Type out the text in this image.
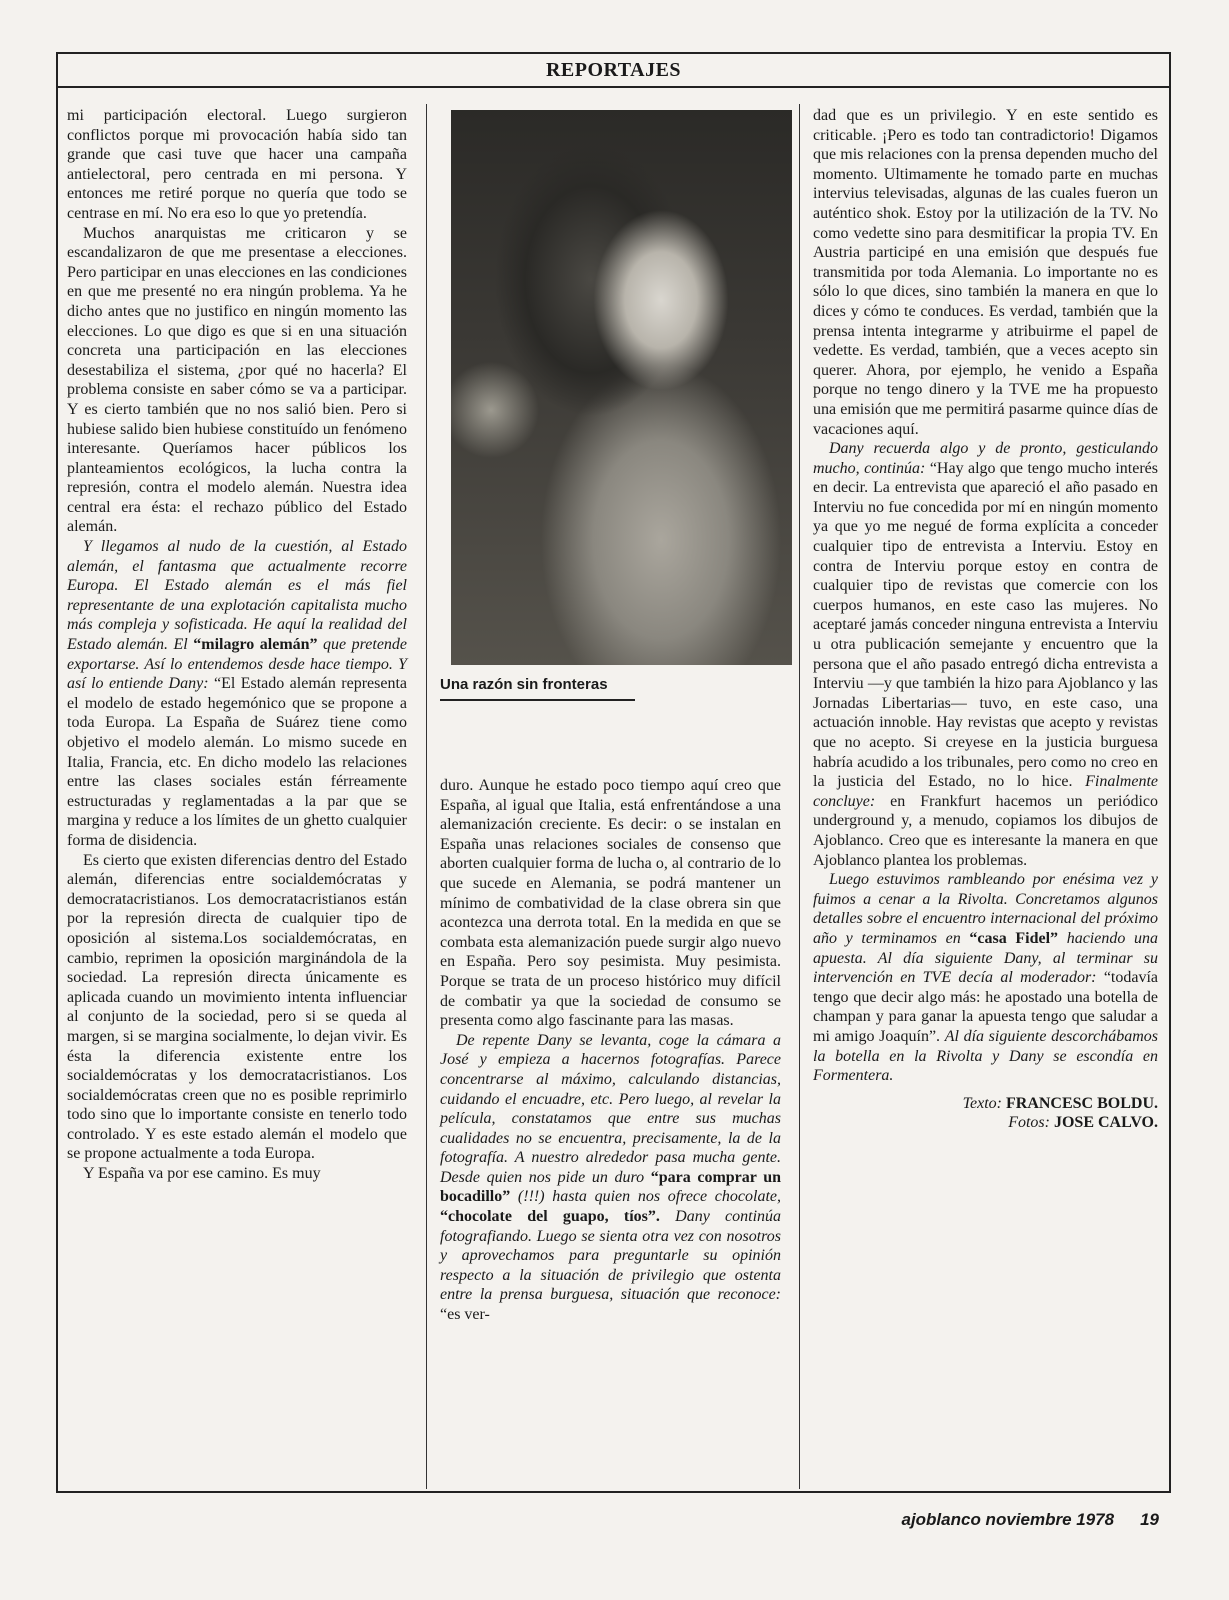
REPORTAJES

mi participación electoral. Luego surgieron conflictos porque mi provocación había sido tan grande que casi tuve que hacer una campaña antielectoral, pero centrada en mi persona. Y entonces me retiré porque no quería que todo se centrase en mí. No era eso lo que yo pretendía.

Muchos anarquistas me criticaron y se escandalizaron de que me presentase a elecciones. Pero participar en unas elecciones en las condiciones en que me presenté no era ningún problema. Ya he dicho antes que no justifico en ningún momento las elecciones. Lo que digo es que si en una situación concreta una participación en las elecciones desestabiliza el sistema, ¿por qué no hacerla? El problema consiste en saber cómo se va a participar. Y es cierto también que no nos salió bien. Pero si hubiese salido bien hubiese constituído un fenómeno interesante. Queríamos hacer públicos los planteamientos ecológicos, la lucha contra la represión, contra el modelo alemán. Nuestra idea central era ésta: el rechazo público del Estado alemán.

Y llegamos al nudo de la cuestión, al Estado alemán, el fantasma que actualmente recorre Europa. El Estado alemán es el más fiel representante de una explotación capitalista mucho más compleja y sofisticada. He aquí la realidad del Estado alemán. El “milagro alemán” que pretende exportarse. Así lo entendemos desde hace tiempo. Y así lo entiende Dany: “El Estado alemán representa el modelo de estado hegemónico que se propone a toda Europa. La España de Suárez tiene como objetivo el modelo alemán. Lo mismo sucede en Italia, Francia, etc. En dicho modelo las relaciones entre las clases sociales están férreamente estructuradas y reglamentadas a la par que se margina y reduce a los límites de un ghetto cualquier forma de disidencia.

Es cierto que existen diferencias dentro del Estado alemán, diferencias entre socialdemócratas y democratacristianos. Los democratacristianos están por la represión directa de cualquier tipo de oposición al sistema.Los socialdemócratas, en cambio, reprimen la oposición marginándola de la sociedad. La represión directa únicamente es aplicada cuando un movimiento intenta influenciar al conjunto de la sociedad, pero si se queda al margen, si se margina socialmente, lo dejan vivir. Es ésta la diferencia existente entre los socialdemócratas y los democratacristianos. Los socialdemócratas creen que no es posible reprimirlo todo sino que lo importante consiste en tenerlo todo controlado. Y es este estado alemán el modelo que se propone actualmente a toda Europa.

Y España va por ese camino. Es muy

Una razón sin fronteras

duro. Aunque he estado poco tiempo aquí creo que España, al igual que Italia, está enfrentándose a una alemanización creciente. Es decir: o se instalan en España unas relaciones sociales de consenso que aborten cualquier forma de lucha o, al contrario de lo que sucede en Alemania, se podrá mantener un mínimo de combatividad de la clase obrera sin que acontezca una derrota total. En la medida en que se combata esta alemanización puede surgir algo nuevo en España. Pero soy pesimista. Muy pesimista. Porque se trata de un proceso histórico muy difícil de combatir ya que la sociedad de consumo se presenta como algo fascinante para las masas.

De repente Dany se levanta, coge la cámara a José y empieza a hacernos fotografías. Parece concentrarse al máximo, calculando distancias, cuidando el encuadre, etc. Pero luego, al revelar la película, constatamos que entre sus muchas cualidades no se encuentra, precisamente, la de la fotografía. A nuestro alrededor pasa mucha gente. Desde quien nos pide un duro “para comprar un bocadillo” (!!!) hasta quien nos ofrece chocolate, “chocolate del guapo, tíos”. Dany continúa fotografiando. Luego se sienta otra vez con nosotros y aprovechamos para preguntarle su opinión respecto a la situación de privilegio que ostenta entre la prensa burguesa, situación que reconoce: “es ver-

dad que es un privilegio. Y en este sentido es criticable. ¡Pero es todo tan contradictorio! Digamos que mis relaciones con la prensa dependen mucho del momento. Ultimamente he tomado parte en muchas intervius televisadas, algunas de las cuales fueron un auténtico shok. Estoy por la utilización de la TV. No como vedette sino para desmitificar la propia TV. En Austria participé en una emisión que después fue transmitida por toda Alemania. Lo importante no es sólo lo que dices, sino también la manera en que lo dices y cómo te conduces. Es verdad, también que la prensa intenta integrarme y atribuirme el papel de vedette. Es verdad, también, que a veces acepto sin querer. Ahora, por ejemplo, he venido a España porque no tengo dinero y la TVE me ha propuesto una emisión que me permitirá pasarme quince días de vacaciones aquí.

Dany recuerda algo y de pronto, gesticulando mucho, continúa: “Hay algo que tengo mucho interés en decir. La entrevista que apareció el año pasado en Interviu no fue concedida por mí en ningún momento ya que yo me negué de forma explícita a conceder cualquier tipo de entrevista a Interviu. Estoy en contra de Interviu porque estoy en contra de cualquier tipo de revistas que comercie con los cuerpos humanos, en este caso las mujeres. No aceptaré jamás conceder ninguna entrevista a Interviu u otra publicación semejante y encuentro que la persona que el año pasado entregó dicha entrevista a Interviu —y que también la hizo para Ajoblanco y las Jornadas Libertarias— tuvo, en este caso, una actuación innoble. Hay revistas que acepto y revistas que no acepto. Si creyese en la justicia burguesa habría acudido a los tribunales, pero como no creo en la justicia del Estado, no lo hice. Finalmente concluye: en Frankfurt hacemos un periódico underground y, a menudo, copiamos los dibujos de Ajoblanco. Creo que es interesante la manera en que Ajoblanco plantea los problemas.

Luego estuvimos rambleando por enésima vez y fuimos a cenar a la Rivolta. Concretamos algunos detalles sobre el encuentro internacional del próximo año y terminamos en “casa Fidel” haciendo una apuesta. Al día siguiente Dany, al terminar su intervención en TVE decía al moderador: “todavía tengo que decir algo más: he apostado una botella de champan y para ganar la apuesta tengo que saludar a mi amigo Joaquín”. Al día siguiente descorchábamos la botella en la Rivolta y Dany se escondía en Formentera.

Texto: FRANCESC BOLDU.

Fotos: JOSE CALVO.

ajoblanco noviembre 1978 19
